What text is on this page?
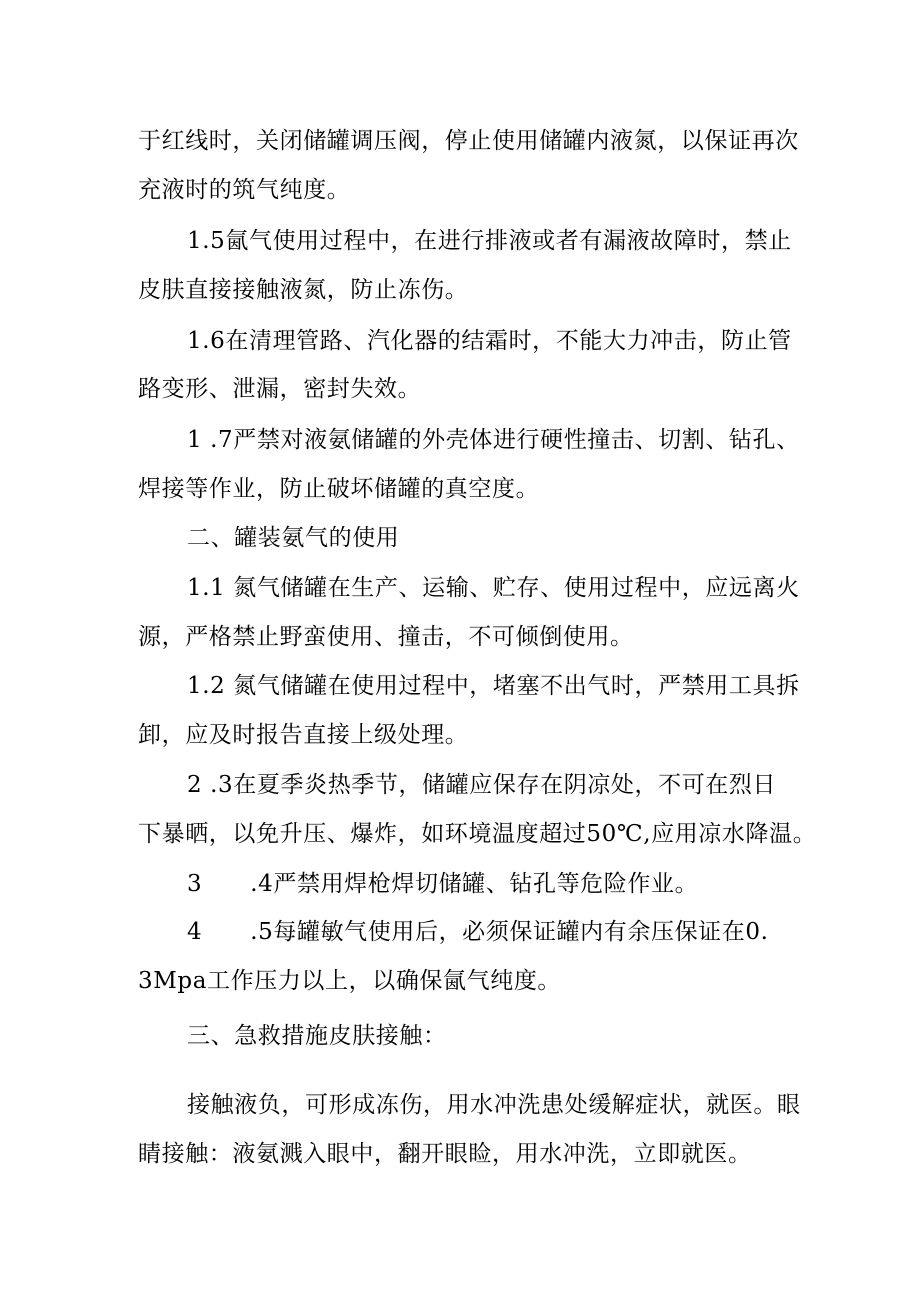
于红线时，关闭储罐调压阀，停止使用储罐内液氮，以保证再次
充液时的筑气纯度。
1.5氤气使用过程中，在进行排液或者有漏液故障时，禁止
皮肤直接接触液氮，防止冻伤。
1.6在清理管路、汽化器的结霜时，不能大力冲击，防止管
路变形、泄漏，密封失效。
1 .7严禁对液氨储罐的外壳体进行硬性撞击、切割、钻孔、
焊接等作业，防止破坏储罐的真空度。
二、罐装氨气的使用
1.1 氮气储罐在生产、运输、贮存、使用过程中，应远离火
源，严格禁止野蛮使用、撞击，不可倾倒使用。
1.2 氮气储罐在使用过程中，堵塞不出气时，严禁用工具拆
卸，应及时报告直接上级处理。
2 .3在夏季炎热季节，储罐应保存在阴凉处，不可在烈日
下暴晒，以免升压、爆炸，如环境温度超过50℃,应用凉水降温。
3 .4严禁用焊枪焊切储罐、钻孔等危险作业。
4 .5每罐敏气使用后，必须保证罐内有余压保证在0.
3Mpa工作压力以上，以确保氤气纯度。
三、急救措施皮肤接触：
接触液负，可形成冻伤，用水冲洗患处缓解症状，就医。眼
睛接触：液氨溅入眼中，翻开眼睑，用水冲洗，立即就医。
